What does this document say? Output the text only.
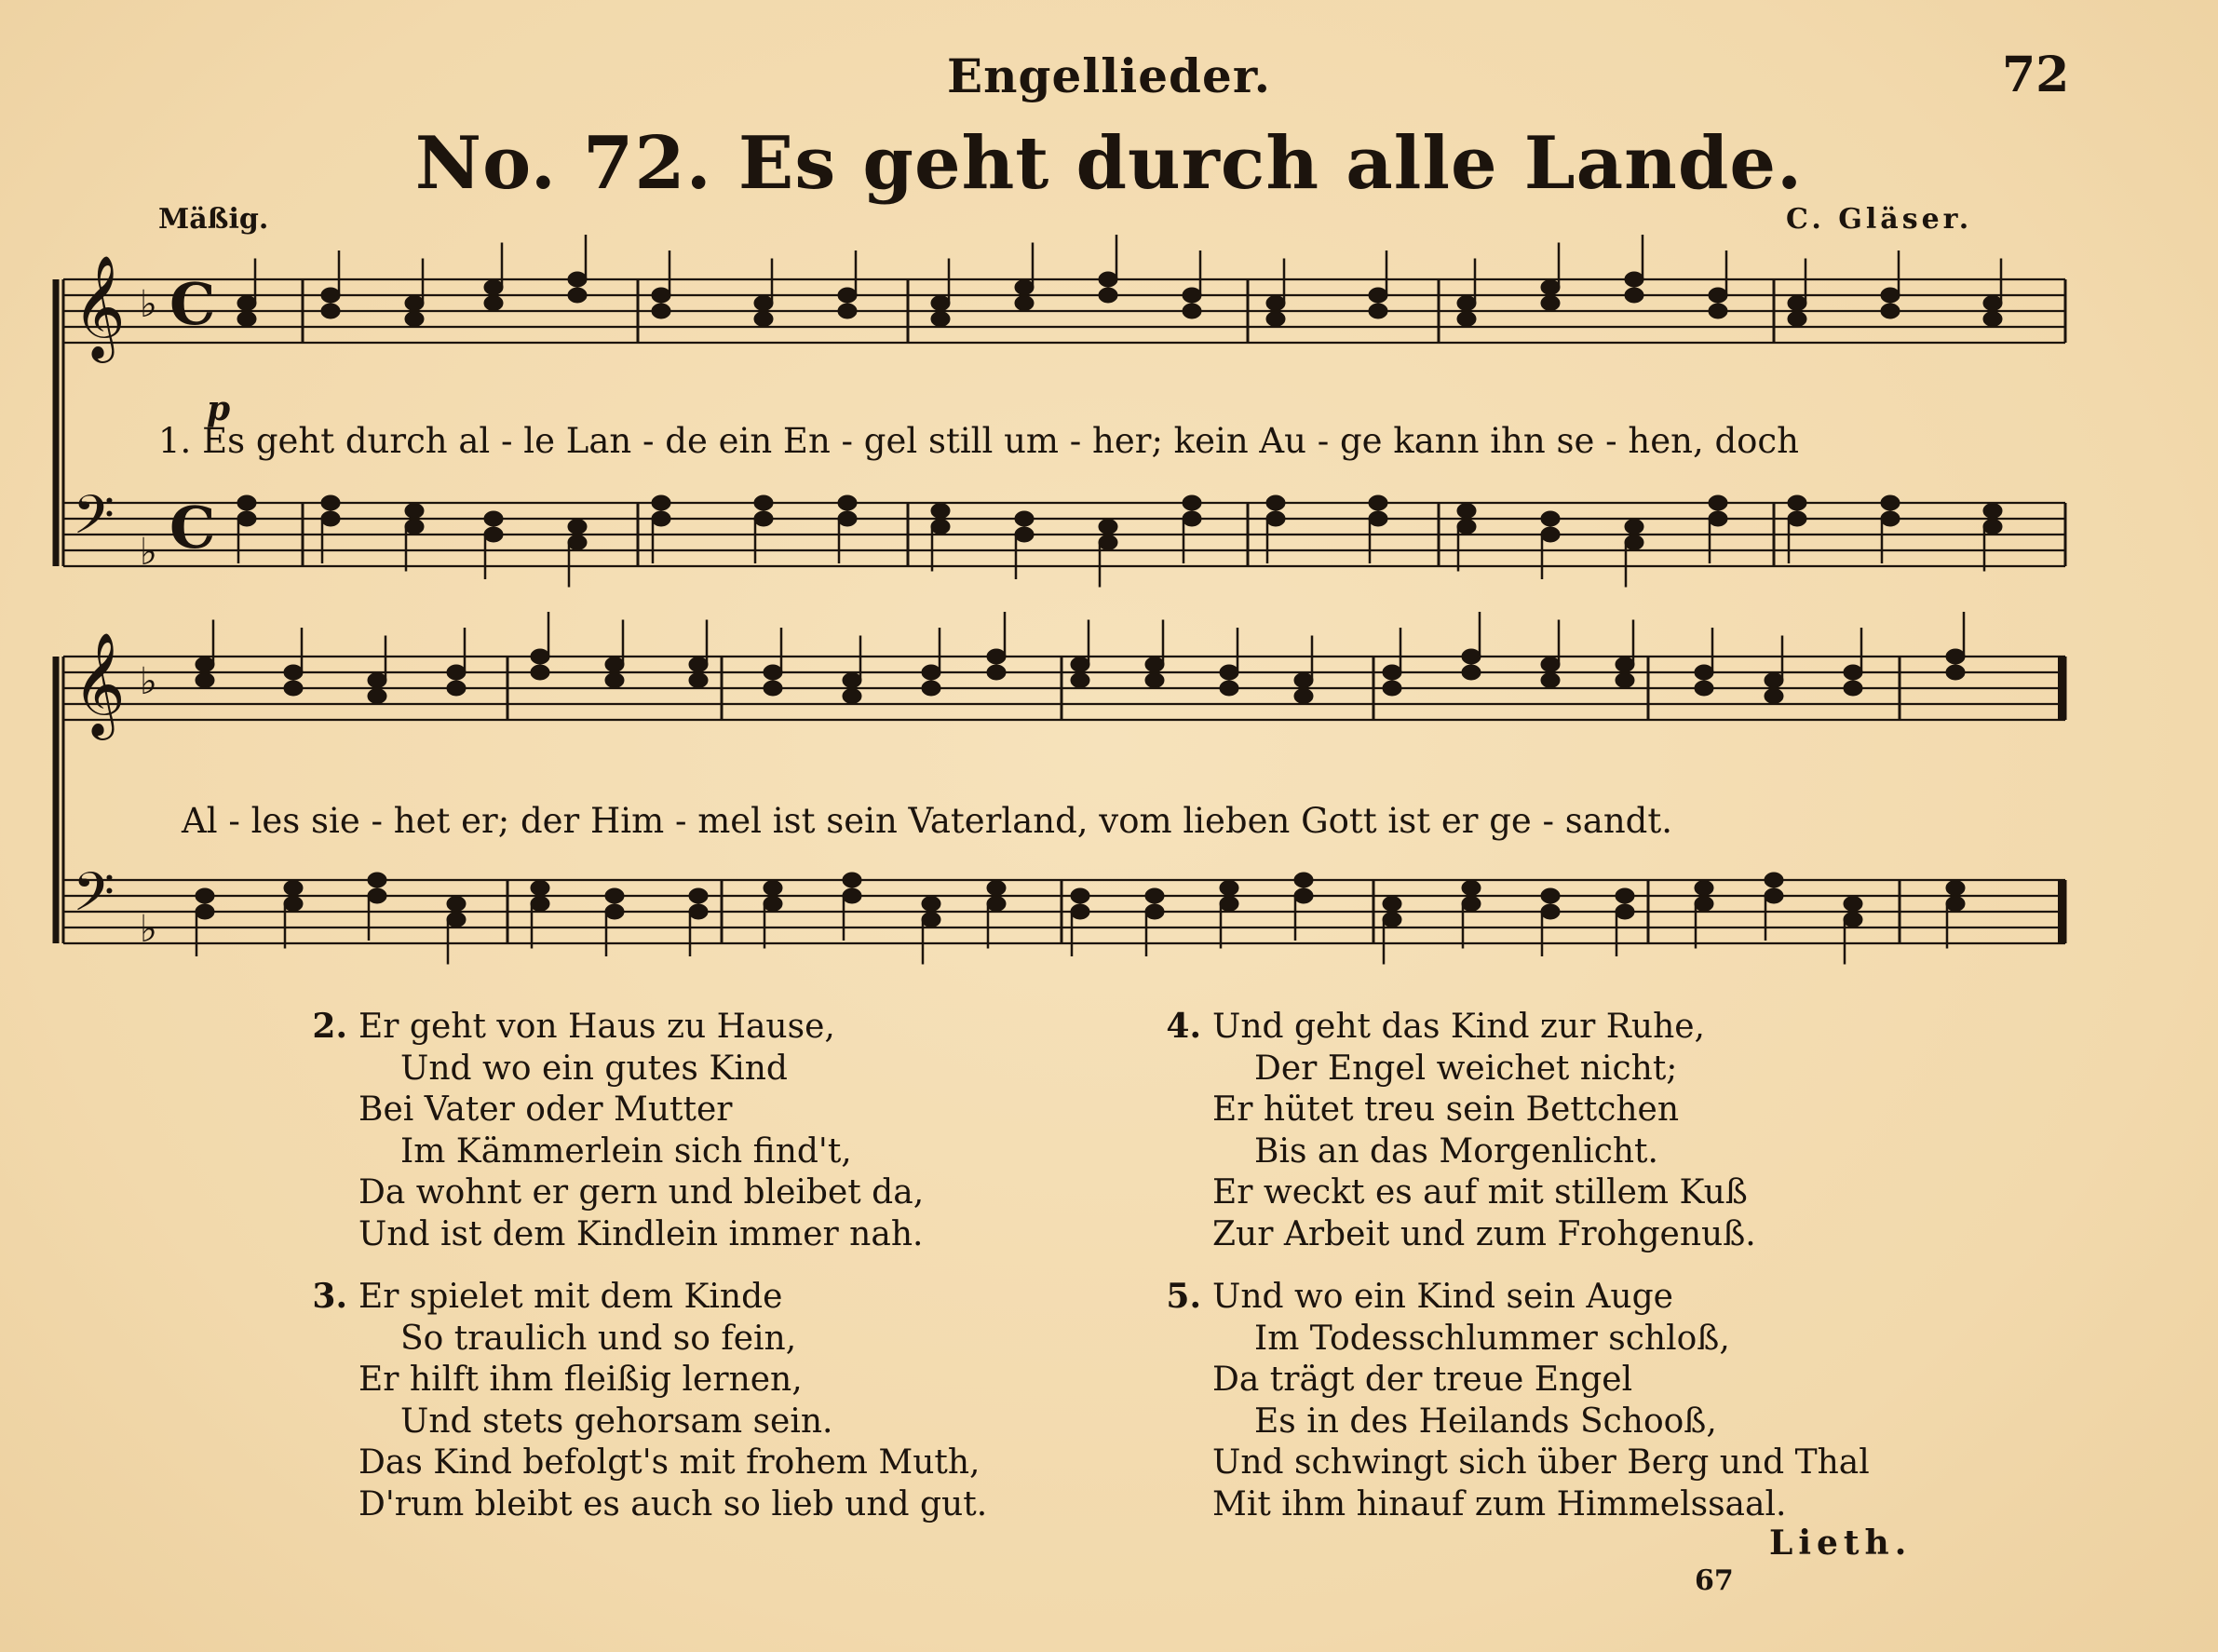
Engellieder.	72
No. 72. Es geht durch alle Lande.
Mäßig.	C. Gläser.
𝄞 ♭
𝄢 ♭
𝄞 ♭
𝄢 ♭
C
C
p
1. Es geht durch al - le Lan - de ein En - gel still um - her; kein Au - ge kann ihn se - hen, doch
Al - les sie - het er; der Him - mel ist sein Vaterland, vom lieben Gott ist er ge - sandt.
2. Er geht von Haus zu Hause,
Und wo ein gutes Kind
Bei Vater oder Mutter
Im Kämmerlein sich find't,
Da wohnt er gern und bleibet da,
Und ist dem Kindlein immer nah.
3. Er spielet mit dem Kinde
So traulich und so fein,
Er hilft ihm fleißig lernen,
Und stets gehorsam sein.
Das Kind befolgt's mit frohem Muth,
D'rum bleibt es auch so lieb und gut.
4. Und geht das Kind zur Ruhe,
Der Engel weichet nicht;
Er hütet treu sein Bettchen
Bis an das Morgenlicht.
Er weckt es auf mit stillem Kuß
Zur Arbeit und zum Frohgenuß.
5. Und wo ein Kind sein Auge
Im Todesschlummer schloß,
Da trägt der treue Engel
Es in des Heilands Schooß,
Und schwingt sich über Berg und Thal
Mit ihm hinauf zum Himmelssaal.
Lieth.
67
